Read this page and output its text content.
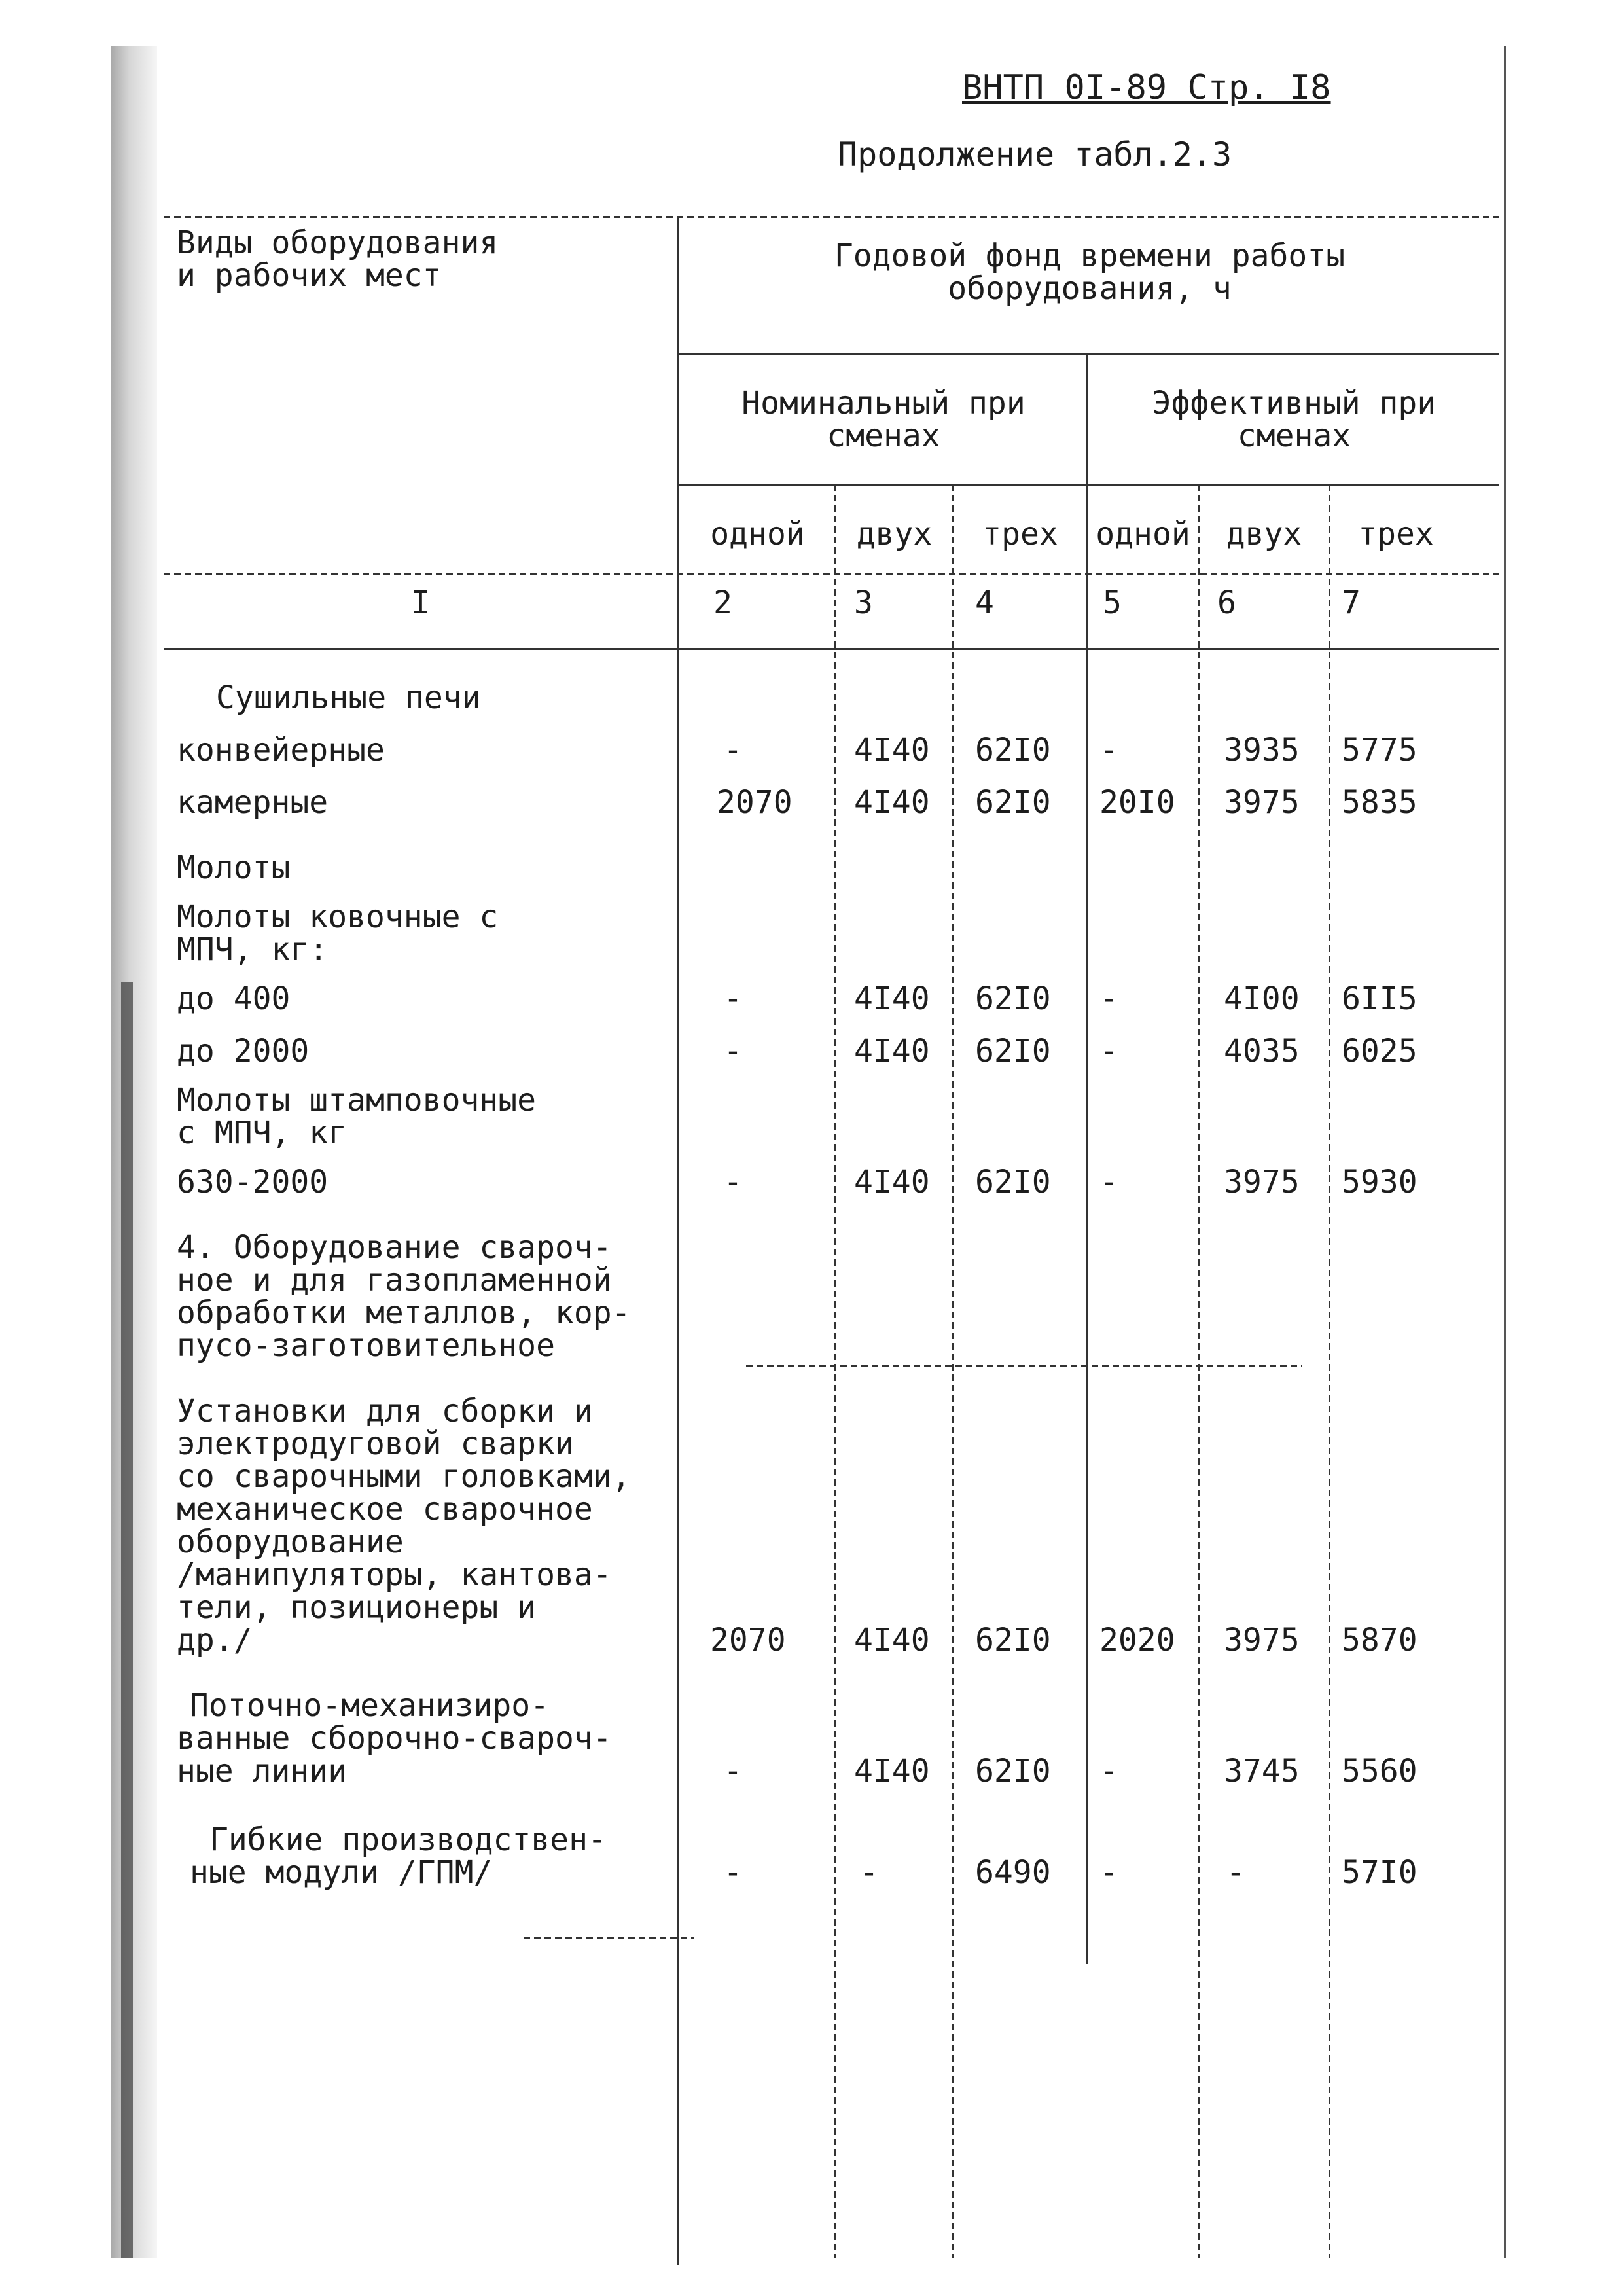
ВНТП 0I-89 Стр. I8
Продолжение табл.2.3
Виды оборудования
и рабочих мест
Годовой фонд времени работы
оборудования, ч
Номинальный при
сменах
Эффективный при
сменах
одной	двух	трех	одной	двух	трех
I	2	3	4	5	6	7
Сушильные печи
конвейерные	-	4I40 62I0 -	3935 5775
камерные	2070 4I40 62I0 20I0 3975 5835
Молоты
Молоты ковочные с
МПЧ, кг:
до 400	-	4I40 62I0 -	4I00 6II5
до 2000	-	4I40 62I0 -	4035 6025
Молоты штамповочные
с МПЧ, кг
630-2000	-	4I40 62I0 -	3975 5930
4. Оборудование свароч-
ное и для газопламенной
обработки металлов, кор-
пусо-заготовительное
Установки для сборки и
электродуговой сварки
со сварочными головками,
механическое сварочное
оборудование
/манипуляторы, кантова-
тели, позиционеры и
др./	2070 4I40 62I0 2020 3975 5870
Поточно-механизиро-
ванные сборочно-свароч-
ные линии	-	4I40 62I0 -	3745 5560
Гибкие производствен-
ные модули /ГПМ/	-	-	6490 -	-	57I0
